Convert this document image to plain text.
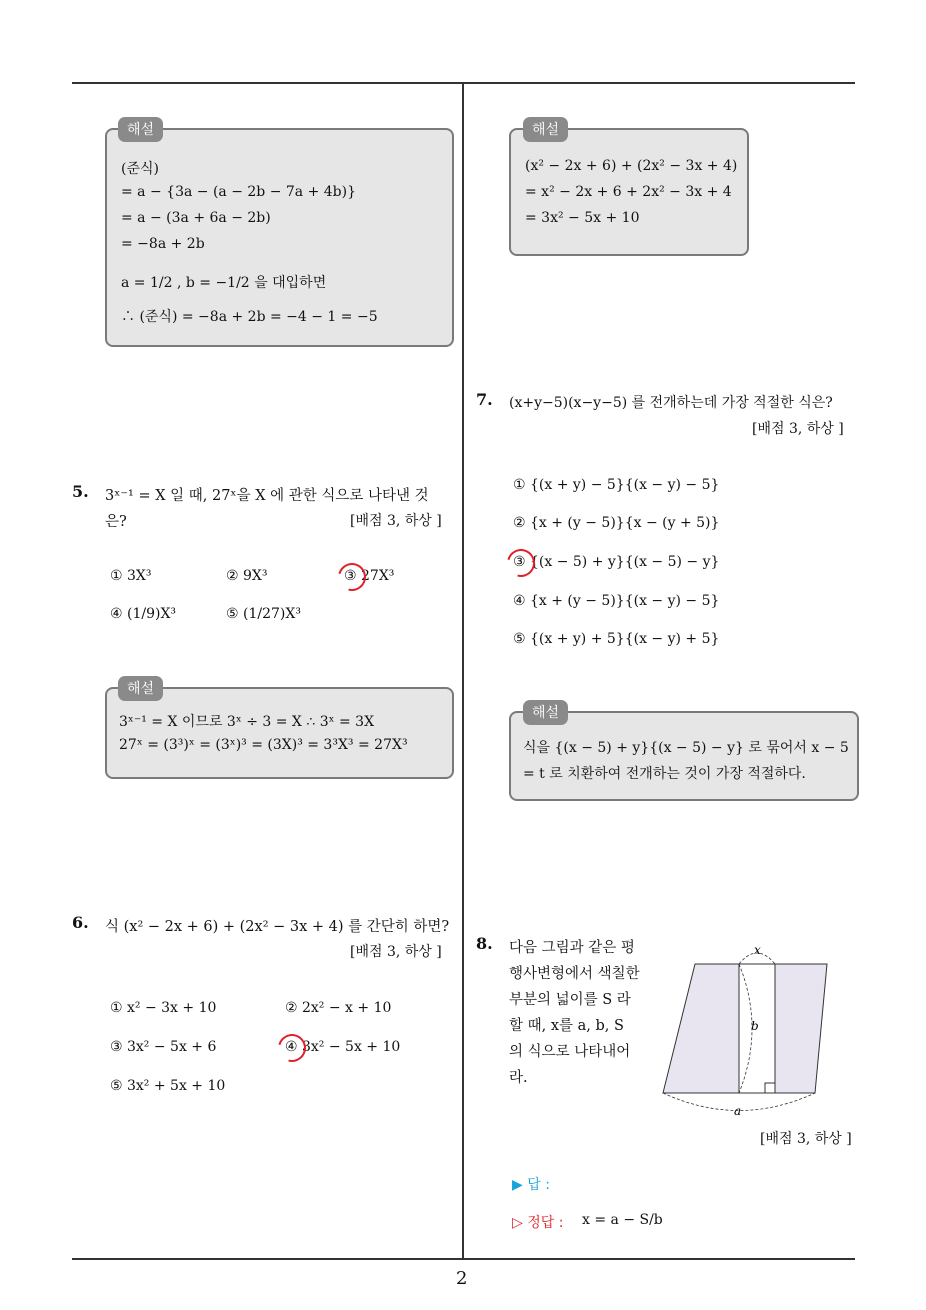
(준식)
= a − {3a − (a − 2b − 7a + 4b)}
= a − (3a + 6a − 2b)
= −8a + 2b
a = 1/2 , b = −1/2 을 대입하면
∴ (준식) = −8a + 2b = −4 − 1 = −5
해설
5. 3ˣ⁻¹ = X 일 때, 27ˣ을 X 에 관한 식으로 나타낸 것
은?	[배점 3, 하상 ]
① 3X³	② 9X³	③ 27X³
④ (1/9)X³	⑤ (1/27)X³
3ˣ⁻¹ = X 이므로 3ˣ ÷ 3 = X ∴ 3ˣ = 3X
27ˣ = (3³)ˣ = (3ˣ)³ = (3X)³ = 3³X³ = 27X³
해설
6. 식 (x² − 2x + 6) + (2x² − 3x + 4) 를 간단히 하면?
[배점 3, 하상 ]
① x² − 3x + 10	② 2x² − x + 10
③ 3x² − 5x + 6	④ 3x² − 5x + 10
⑤ 3x² + 5x + 10
(x² − 2x + 6) + (2x² − 3x + 4)
= x² − 2x + 6 + 2x² − 3x + 4
= 3x² − 5x + 10
해설
7. (x+y−5)(x−y−5) 를 전개하는데 가장 적절한 식은?
[배점 3, 하상 ]
① {(x + y) − 5}{(x − y) − 5}
② {x + (y − 5)}{x − (y + 5)}
③ {(x − 5) + y}{(x − 5) − y}
④ {x + (y − 5)}{(x − y) − 5}
⑤ {(x + y) + 5}{(x − y) + 5}
식을 {(x − 5) + y}{(x − 5) − y} 로 묶어서 x − 5
= t 로 치환하여 전개하는 것이 가장 적절하다.
해설
8. 다음 그림과 같은 평
행사변형에서 색칠한
부분의 넓이를 S 라
할 때, x를 a, b, S
의 식으로 나타내어
라.
x
b
a
[배점 3, 하상 ]
▶ 답 :
▷ 정답 : x = a − S/b
2
